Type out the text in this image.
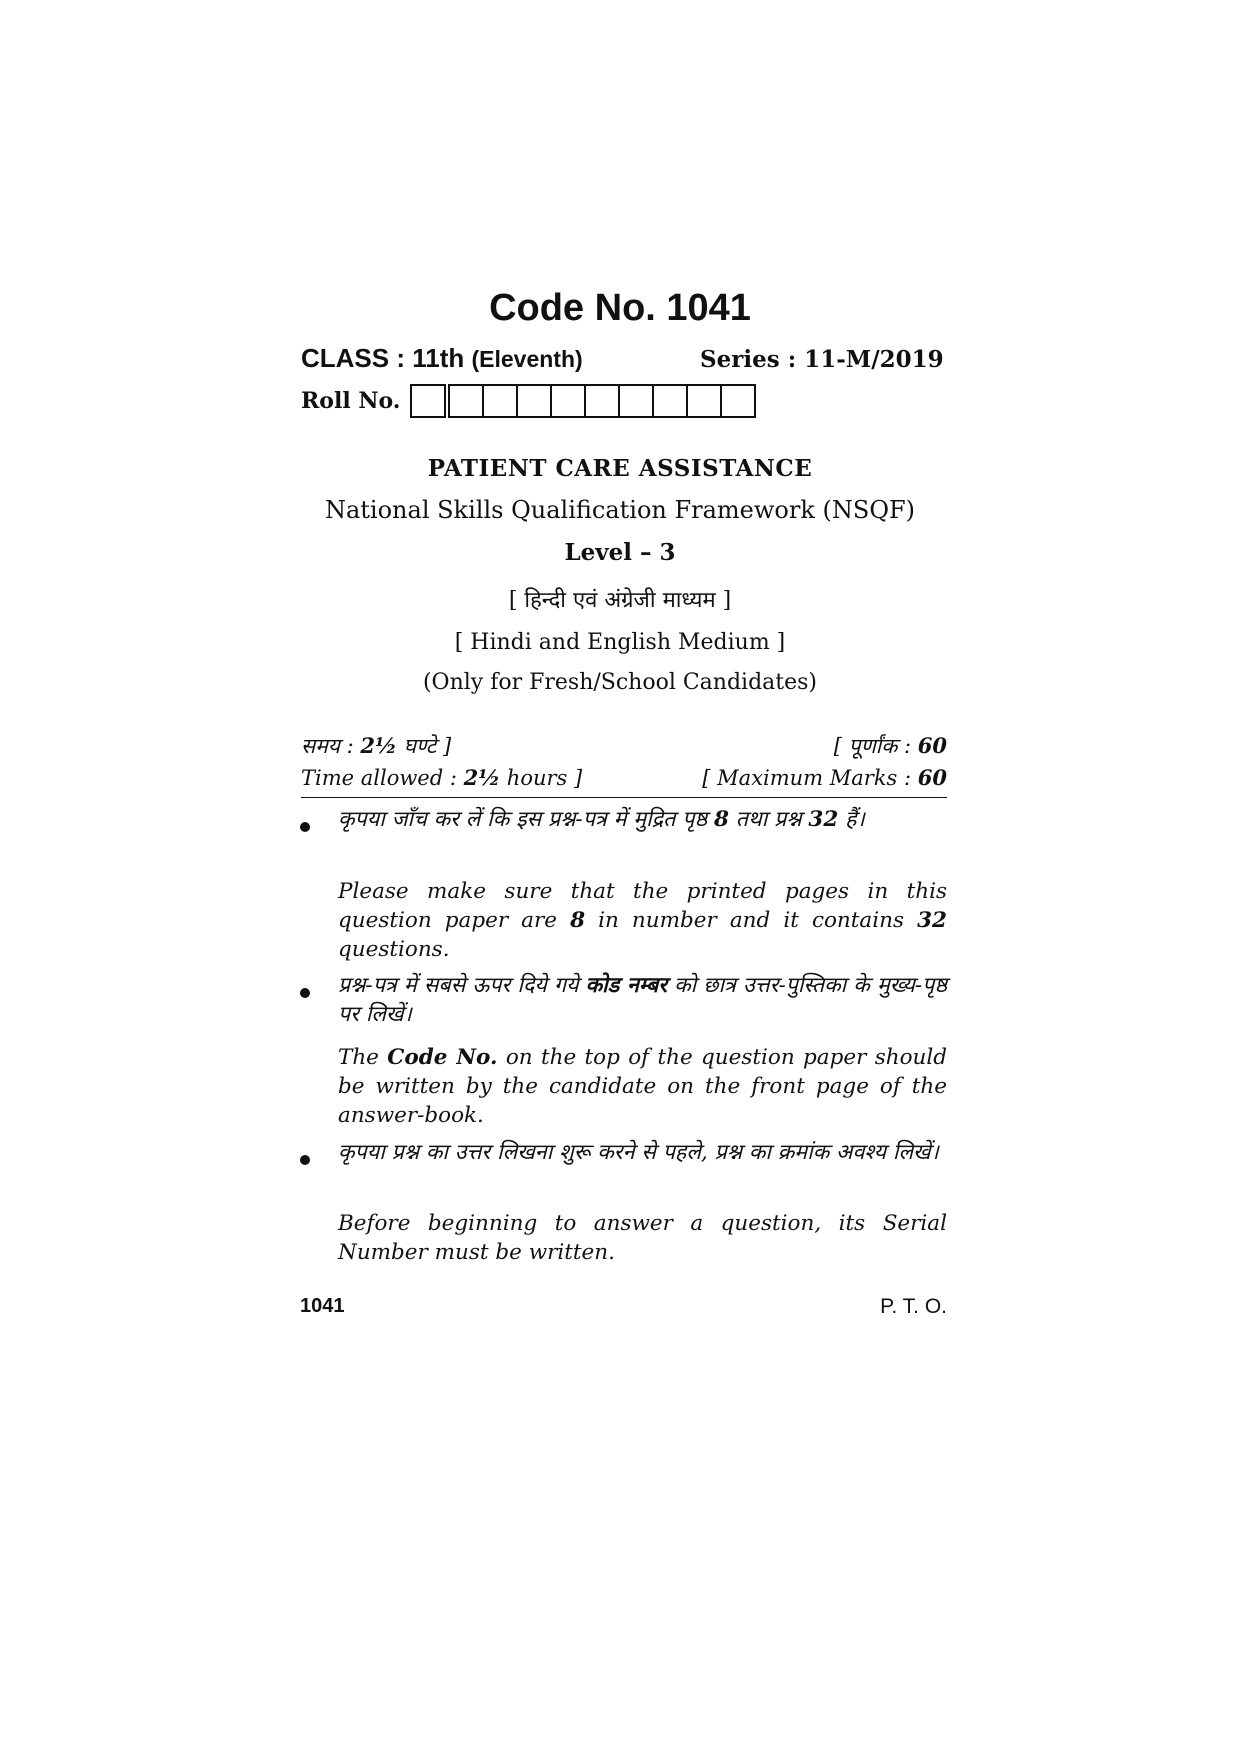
Code No. 1041
CLASS : 11th (Eleventh)	Series : 11-M/2019
Roll No.
PATIENT CARE ASSISTANCE
National Skills Qualification Framework (NSQF)
Level – 3
[ हिन्दी एवं अंग्रेजी माध्यम ]
[ Hindi and English Medium ]
(Only for Fresh/School Candidates)
समय : 2½ घण्टे ]	[ पूर्णांक : 60
Time allowed : 2½ hours ]	[ Maximum Marks : 60
कृपया जाँच कर लें कि इस प्रश्न-पत्र में मुद्रित पृष्ठ 8 तथा प्रश्न 32 हैं।
Please make sure that the printed pages in this question paper are 8 in number and it contains 32 questions.
प्रश्न-पत्र में सबसे ऊपर दिये गये कोड नम्बर को छात्र उत्तर-पुस्तिका के मुख्य-पृष्ठ पर लिखें।
The Code No. on the top of the question paper should be written by the candidate on the front page of the answer-book.
कृपया प्रश्न का उत्तर लिखना शुरू करने से पहले, प्रश्न का क्रमांक अवश्य लिखें।
Before beginning to answer a question, its Serial Number must be written.
1041	P. T. O.
